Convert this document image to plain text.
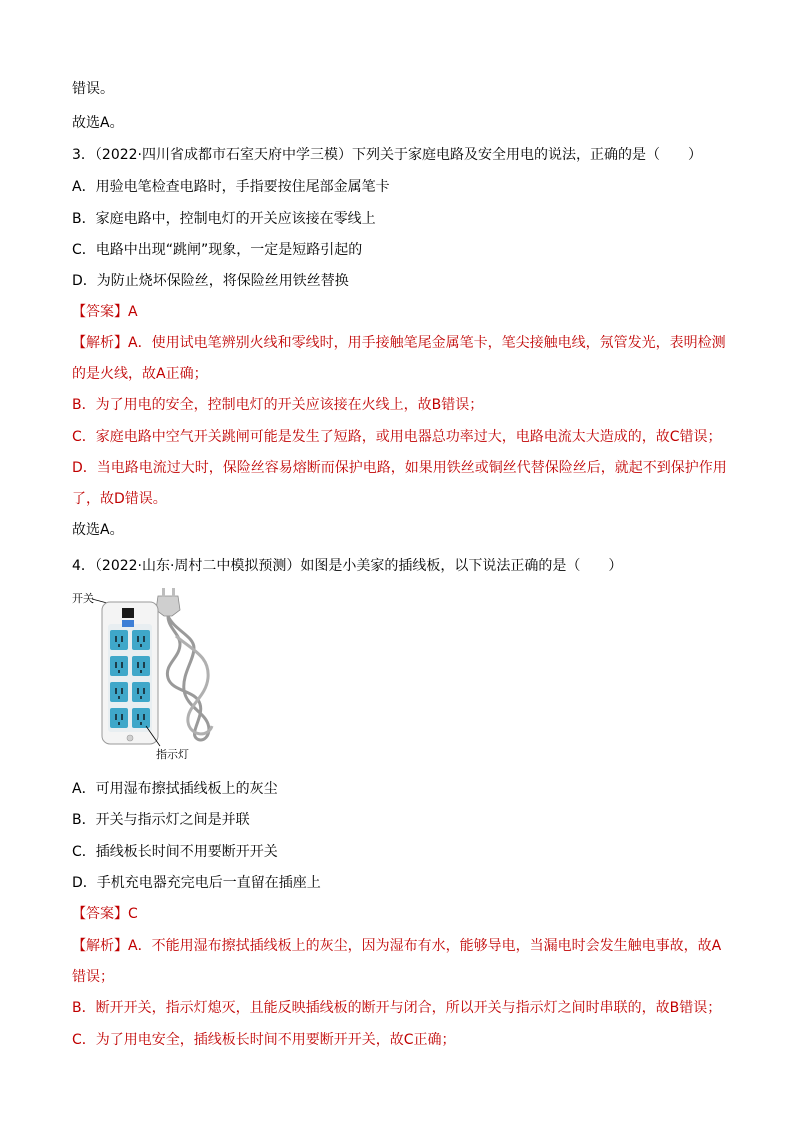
错误。
故选A。
3．（2022·四川省成都市石室天府中学三模）下列关于家庭电路及安全用电的说法，正确的是（　　）
A．用验电笔检查电路时，手指要按住尾部金属笔卡
B．家庭电路中，控制电灯的开关应该接在零线上
C．电路中出现“跳闸”现象，一定是短路引起的
D．为防止烧坏保险丝，将保险丝用铁丝替换
【答案】A
【解析】A．使用试电笔辨别火线和零线时，用手接触笔尾金属笔卡，笔尖接触电线，氖管发光，表明检测
的是火线，故A正确；
B．为了用电的安全，控制电灯的开关应该接在火线上，故B错误；
C．家庭电路中空气开关跳闸可能是发生了短路，或用电器总功率过大，电路电流太大造成的，故C错误；
D．当电路电流过大时，保险丝容易熔断而保护电路，如果用铁丝或铜丝代替保险丝后，就起不到保护作用
了，故D错误。
故选A。
4．（2022·山东·周村二中模拟预测）如图是小美家的插线板，以下说法正确的是（　　）
开关
指示灯
A．可用湿布擦拭插线板上的灰尘
B．开关与指示灯之间是并联
C．插线板长时间不用要断开开关
D．手机充电器充完电后一直留在插座上
【答案】C
【解析】A．不能用湿布擦拭插线板上的灰尘，因为湿布有水，能够导电，当漏电时会发生触电事故，故A
错误；
B．断开开关，指示灯熄灭，且能反映插线板的断开与闭合，所以开关与指示灯之间时串联的，故B错误；
C．为了用电安全，插线板长时间不用要断开开关，故C正确；
